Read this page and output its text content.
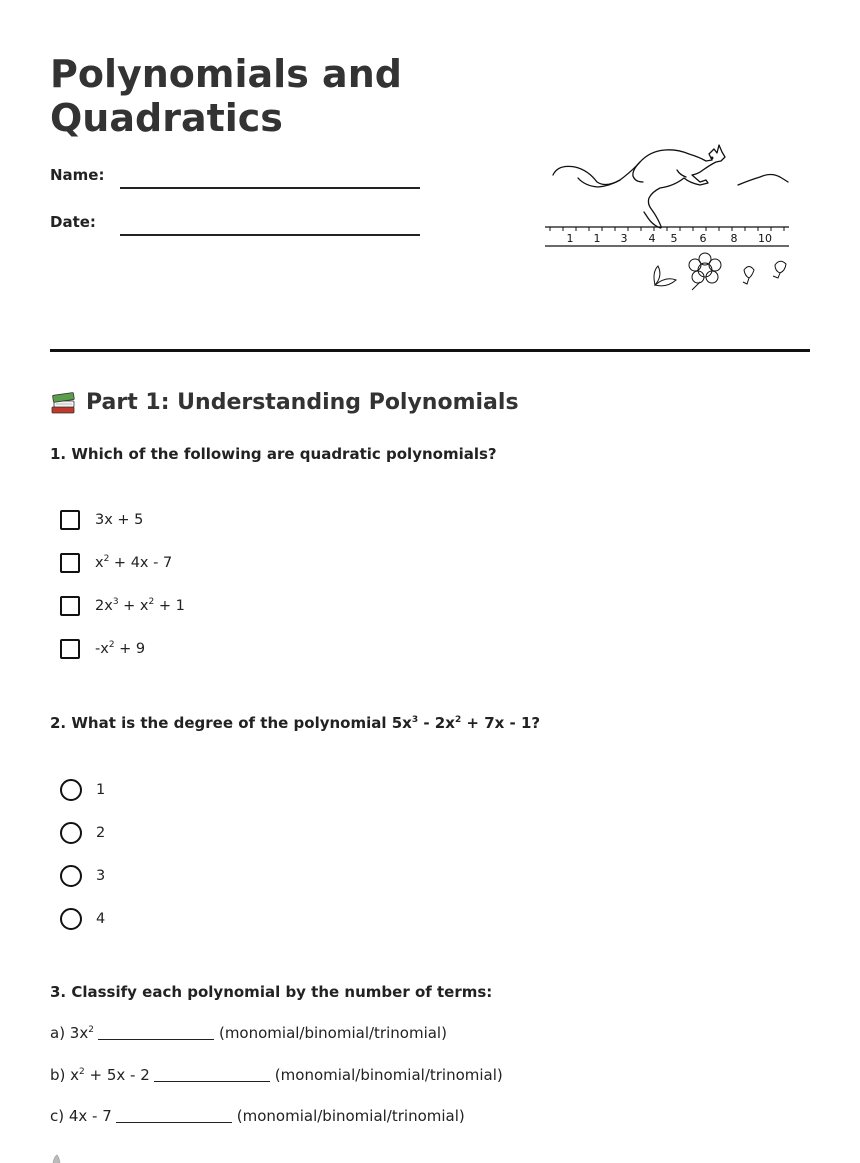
Polynomials and Quadratics
Name:
Date:
1 1 3 4 5 6 8 10
Part 1: Understanding Polynomials

1. Which of the following are quadratic polynomials?

3x + 5
$x^2 + 4x - 7$
$2x^3 + x^2 + 1$
$-x^2 + 9$

2. What is the degree of the polynomial $5x^3 - 2x^2 + 7x - 1$?

1
2
3
4

3. Classify each polynomial by the number of terms:

a) $3x^2$	(monomial/binomial/trinomial)
b) $x^2 + 5x - 2$	(monomial/binomial/trinomial)
c) 4x - 7	(monomial/binomial/trinomial)
